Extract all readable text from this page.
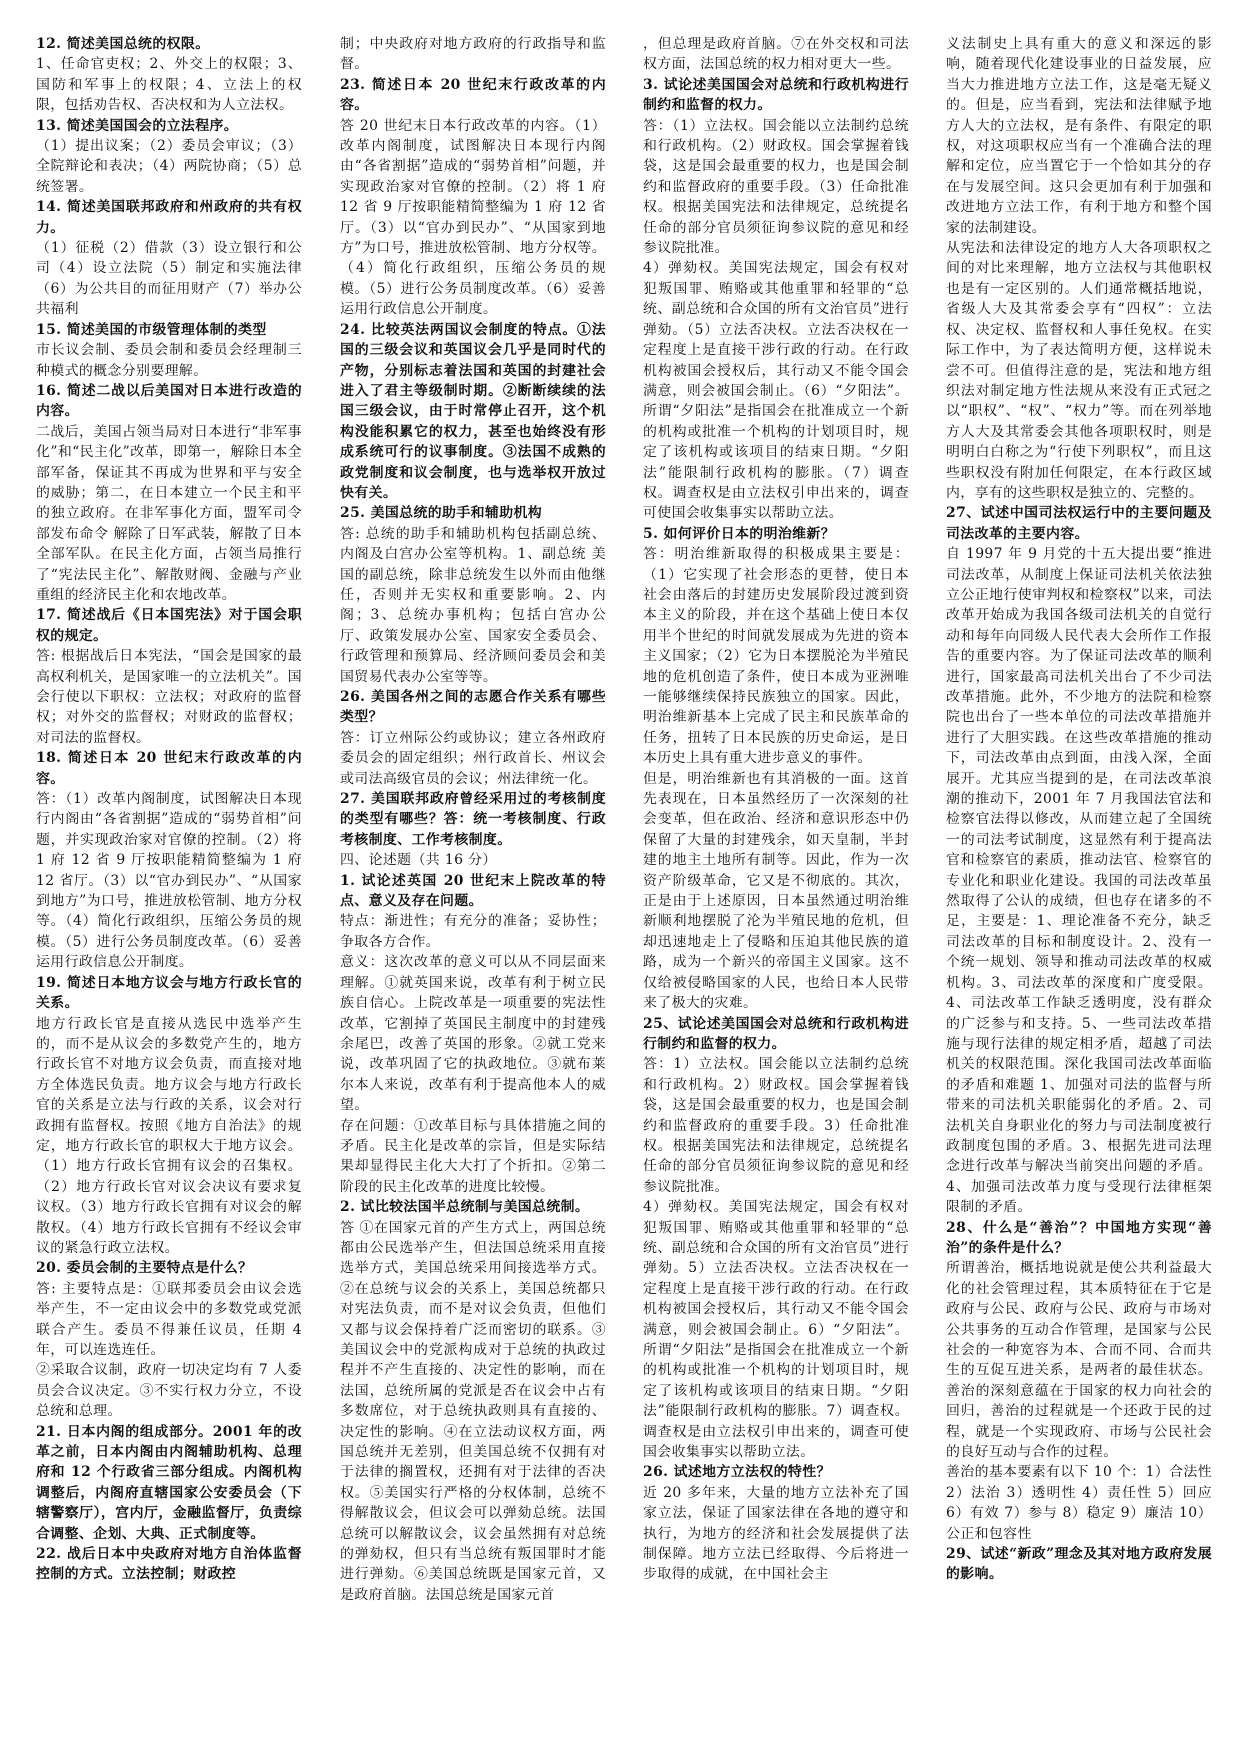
12. 简述美国总统的权限。

1、任命官吏权；2、外交上的权限；3、国防和军事上的权限；4、立法上的权限，包括劝告权、否决权和为人立法权。

13. 简述美国国会的立法程序。

（1）提出议案；（2）委员会审议；（3）全院辩论和表决；（4）两院协商；（5）总统签署。

14. 简述美国联邦政府和州政府的共有权力。

（1）征税（2）借款（3）设立银行和公司（4）设立法院（5）制定和实施法律（6）为公共目的而征用财产（7）举办公共福利

15. 简述美国的市级管理体制的类型

市长议会制、委员会制和委员会经理制三种模式的概念分别要理解。

16. 简述二战以后美国对日本进行改造的内容。

二战后，美国占领当局对日本进行“非军事化”和“民主化”改革，即第一，解除日本全部军备，保证其不再成为世界和平与安全的威胁；第二，在日本建立一个民主和平的独立政府。在非军事化方面，盟军司令部发布命令 解除了日军武装，解散了日本全部军队。在民主化方面，占领当局推行了“宪法民主化”、解散财阀、金融与产业重组的经济民主化和农地改革。

17. 简述战后《日本国宪法》对于国会职权的规定。

答: 根据战后日本宪法，“国会是国家的最高权利机关，是国家唯一的立法机关”。国会行使以下职权：立法权；对政府的监督权；对外交的监督权；对财政的监督权；对司法的监督权。

18. 简述日本 20 世纪末行政改革的内容。

答：（1）改革内阁制度，试图解决日本现行内阁由“各省割据”造成的“弱势首相”问题，并实现政治家对官僚的控制。（2）将 1 府 12 省 9 厅按职能精简整编为 1 府 12 省厅。（3）以“官办到民办”、“从国家到地方”为口号，推进放松管制、地方分权等。（4）简化行政组织，压缩公务员的规模。（5）进行公务员制度改革。（6）妥善运用行政信息公开制度。

19. 简述日本地方议会与地方行政长官的关系。

地方行政长官是直接从选民中选举产生的，而不是从议会的多数党产生的，地方行政长官不对地方议会负责，而直接对地方全体选民负责。地方议会与地方行政长官的关系是立法与行政的关系，议会对行政拥有监督权。按照《地方自治法》的规定，地方行政长官的职权大于地方议会。（1）地方行政长官拥有议会的召集权。（2）地方行政长官对议会决议有要求复议权。（3）地方行政长官拥有对议会的解散权。（4）地方行政长官拥有不经议会审议的紧急行政立法权。

20. 委员会制的主要特点是什么？

答: 主要特点是：①联邦委员会由议会选举产生，不一定由议会中的多数党或党派联合产生。委员不得兼任议员，任期 4 年，可以连选连任。

②采取合议制，政府一切决定均有 7 人委员会合议决定。③不实行权力分立，不设总统和总理。

21. 日本内阁的组成部分。2001 年的改革之前，日本内阁由内阁辅助机构、总理府和 12 个行政省三部分组成。内阁机构调整后，内阁府直辖国家公安委员会（下辖警察厅），宫内厅，金融监督厅，负责综合调整、企划、大典、正式制度等。

22. 战后日本中央政府对地方自治体监督控制的方式。立法控制；财政控

制；中央政府对地方政府的行政指导和监督。

23. 简述日本 20 世纪末行政改革的内容。

答 20 世纪末日本行政改革的内容。（1）改革内阁制度，试图解决日本现行内阁由“各省割据”造成的“弱势首相”问题，并实现政治家对官僚的控制。（2）将 1 府 12 省 9 厅按职能精简整编为 1 府 12 省厅。（3）以“官办到民办”、“从国家到地方”为口号，推进放松管制、地方分权等。（4）简化行政组织，压缩公务员的规模。（5）进行公务员制度改革。（6）妥善运用行政信息公开制度。

24. 比较英法两国议会制度的特点。①法国的三级会议和英国议会几乎是同时代的产物，分别标志着法国和英国的封建社会进入了君主等级制时期。②断断续续的法国三级会议，由于时常停止召开，这个机构没能积累它的权力，甚至也始终没有形成系统可行的议事制度。③法国不成熟的政党制度和议会制度，也与选举权开放过快有关。

25. 美国总统的助手和辅助机构

答: 总统的助手和辅助机构包括副总统、内阁及白宫办公室等机构。1、副总统 美国的副总统，除非总统发生以外而由他继任，否则并无实权和重要影响。2、内阁；3、总统办事机构；包括白宫办公厅、政策发展办公室、国家安全委员会、行政管理和预算局、经济顾问委员会和美国贸易代表办公室等等。

26. 美国各州之间的志愿合作关系有哪些类型？

答：订立州际公约或协议；建立各州政府委员会的固定组织；州行政首长、州议会或司法高级官员的会议；州法律统一化。

27. 美国联邦政府曾经采用过的考核制度的类型有哪些？答：统一考核制度、行政考核制度、工作考核制度。

四、论述题（共 16 分）

1. 试论述英国 20 世纪末上院改革的特点、意义及存在问题。

特点：渐进性；有充分的准备；妥协性；争取各方合作。

意义：这次改革的意义可以从不同层面来理解。①就英国来说，改革有利于树立民族自信心。上院改革是一项重要的宪法性改革，它割掉了英国民主制度中的封建残余尾巴，改善了英国的形象。②就工党来说，改革巩固了它的执政地位。③就布莱尔本人来说，改革有利于提高他本人的威望。

存在问题：①改革目标与具体措施之间的矛盾。民主化是改革的宗旨，但是实际结果却显得民主化大大打了个折扣。②第二阶段的民主化改革的进度比较慢。

2. 试比较法国半总统制与美国总统制。

答 ①在国家元首的产生方式上，两国总统都由公民选举产生，但法国总统采用直接选举方式，美国总统采用间接选举方式。②在总统与议会的关系上，美国总统都只对宪法负责，而不是对议会负责，但他们又都与议会保持着广泛而密切的联系。③美国议会中的党派构成对于总统的执政过程并不产生直接的、决定性的影响，而在法国，总统所属的党派是否在议会中占有多数席位，对于总统执政则具有直接的、决定性的影响。④在立法动议权方面，两国总统并无差别，但美国总统不仅拥有对于法律的搁置权，还拥有对于法律的否决权。⑤美国实行严格的分权体制，总统不得解散议会，但议会可以弹劾总统。法国总统可以解散议会，议会虽然拥有对总统的弹劾权，但只有当总统有叛国罪时才能进行弹劾。⑥美国总统既是国家元首，又是政府首脑。法国总统是国家元首

，但总理是政府首脑。⑦在外交权和司法权方面，法国总统的权力相对更大一些。

3. 试论述美国国会对总统和行政机构进行制约和监督的权力。

答：（1）立法权。国会能以立法制约总统和行政机构。（2）财政权。国会掌握着钱袋，这是国会最重要的权力，也是国会制约和监督政府的重要手段。（3）任命批准权。根据美国宪法和法律规定，总统提名任命的部分官员须征询参议院的意见和经参议院批准。

4）弹劾权。美国宪法规定，国会有权对犯叛国罪、贿赂或其他重罪和轻罪的“总统、副总统和合众国的所有文治官员”进行弹劾。（5）立法否决权。立法否决权在一定程度上是直接干涉行政的行动。在行政机构被国会授权后，其行动又不能令国会满意，则会被国会制止。（6）“夕阳法”。所谓“夕阳法”是指国会在批准成立一个新的机构或批准一个机构的计划项目时，规定了该机构或该项目的结束日期。“夕阳法”能限制行政机构的膨胀。（7）调查权。调查权是由立法权引申出来的，调查可使国会收集事实以帮助立法。

5. 如何评价日本的明治维新？

答：明治维新取得的积极成果主要是：（1）它实现了社会形态的更替，使日本社会由落后的封建历史发展阶段过渡到资本主义的阶段，并在这个基础上使日本仅用半个世纪的时间就发展成为先进的资本主义国家；（2）它为日本摆脱沦为半殖民地的危机创造了条件，使日本成为亚洲唯一能够继续保持民族独立的国家。因此，明治维新基本上完成了民主和民族革命的任务，扭转了日本民族的历史命运，是日本历史上具有重大进步意义的事件。

但是，明治维新也有其消极的一面。这首先表现在，日本虽然经历了一次深刻的社会变革，但在政治、经济和意识形态中仍保留了大量的封建残余，如天皇制，半封建的地主土地所有制等。因此，作为一次资产阶级革命，它又是不彻底的。其次，正是由于上述原因，日本虽然通过明治维新顺利地摆脱了沦为半殖民地的危机，但却迅速地走上了侵略和压迫其他民族的道路，成为一个新兴的帝国主义国家。这不仅给被侵略国家的人民，也给日本人民带来了极大的灾难。

25、试论述美国国会对总统和行政机构进行制约和监督的权力。

答：1）立法权。国会能以立法制约总统和行政机构。2）财政权。国会掌握着钱袋，这是国会最重要的权力，也是国会制约和监督政府的重要手段。3）任命批准权。根据美国宪法和法律规定，总统提名任命的部分官员须征询参议院的意见和经参议院批准。

4）弹劾权。美国宪法规定，国会有权对犯叛国罪、贿赂或其他重罪和轻罪的“总统、副总统和合众国的所有文治官员”进行弹劾。5）立法否决权。立法否决权在一定程度上是直接干涉行政的行动。在行政机构被国会授权后，其行动又不能令国会满意，则会被国会制止。6）“夕阳法”。所谓“夕阳法”是指国会在批准成立一个新的机构或批准一个机构的计划项目时，规定了该机构或该项目的结束日期。“夕阳法”能限制行政机构的膨胀。7）调查权。调查权是由立法权引申出来的，调查可使国会收集事实以帮助立法。

26. 试述地方立法权的特性？

近 20 多年来，大量的地方立法补充了国家立法，保证了国家法律在各地的遵守和执行，为地方的经济和社会发展提供了法制保障。地方立法已经取得、今后将进一步取得的成就，在中国社会主

义法制史上具有重大的意义和深远的影响，随着现代化建设事业的日益发展，应当大力推进地方立法工作，这是毫无疑义的。但是，应当看到，宪法和法律赋予地方人大的立法权，是有条件、有限定的职权，对这项职权应当有一个准确合法的理解和定位，应当置它于一个恰如其分的存在与发展空间。这只会更加有利于加强和改进地方立法工作，有利于地方和整个国家的法制建设。

从宪法和法律设定的地方人大各项职权之间的对比来理解，地方立法权与其他职权也是有一定区别的。人们通常概括地说，省级人大及其常委会享有“四权”：立法权、决定权、监督权和人事任免权。在实际工作中，为了表达简明方便，这样说未尝不可。但值得注意的是，宪法和地方组织法对制定地方性法规从来没有正式冠之以“职权”、“权”、“权力”等。而在列举地方人大及其常委会其他各项职权时，则是明明白白称之为“行使下列职权”，而且这些职权没有附加任何限定，在本行政区域内，享有的这些职权是独立的、完整的。

27、试述中国司法权运行中的主要问题及司法改革的主要内容。

自 1997 年 9 月党的十五大提出要“推进司法改革，从制度上保证司法机关依法独立公正地行使审判权和检察权”以来，司法改革开始成为我国各级司法机关的自觉行动和每年向同级人民代表大会所作工作报告的重要内容。为了保证司法改革的顺利进行，国家最高司法机关出台了不少司法改革措施。此外，不少地方的法院和检察院也出台了一些本单位的司法改革措施并进行了大胆实践。在这些改革措施的推动下，司法改革由点到面，由浅入深，全面展开。尤其应当提到的是，在司法改革浪潮的推动下，2001 年 7 月我国法官法和检察官法得以修改，从而建立起了全国统一的司法考试制度，这显然有利于提高法官和检察官的素质，推动法官、检察官的专业化和职业化建设。我国的司法改革虽然取得了公认的成绩，但也存在诸多的不足，主要是：1、理论准备不充分，缺乏司法改革的目标和制度设计。2、没有一个统一规划、领导和推动司法改革的权威机构。3、司法改革的深度和广度受限。4、司法改革工作缺乏透明度，没有群众的广泛参与和支持。5、一些司法改革措施与现行法律的规定相矛盾，超越了司法机关的权限范围。深化我国司法改革面临的矛盾和难题 1、加强对司法的监督与所带来的司法机关职能弱化的矛盾。2、司法机关自身职业化的努力与司法制度被行政制度包围的矛盾。3、根据先进司法理念进行改革与解决当前突出问题的矛盾。4、加强司法改革力度与受现行法律框架限制的矛盾。

28、什么是“善治”？中国地方实现“善治”的条件是什么？

所谓善治，概括地说就是使公共利益最大化的社会管理过程，其本质特征在于它是政府与公民、政府与公民、政府与市场对公共事务的互动合作管理，是国家与公民社会的一种宽容为本、合而不同、合而共生的互促互进关系，是两者的最佳状态。善治的深刻意蕴在于国家的权力向社会的回归，善治的过程就是一个还政于民的过程，就是一个实现政府、市场与公民社会的良好互动与合作的过程。

善治的基本要素有以下 10 个：1）合法性 2）法治 3）透明性 4）责任性 5）回应 6）有效 7）参与 8）稳定 9）廉洁 10）公正和包容性

29、试述“新政”理念及其对地方政府发展的影响。
